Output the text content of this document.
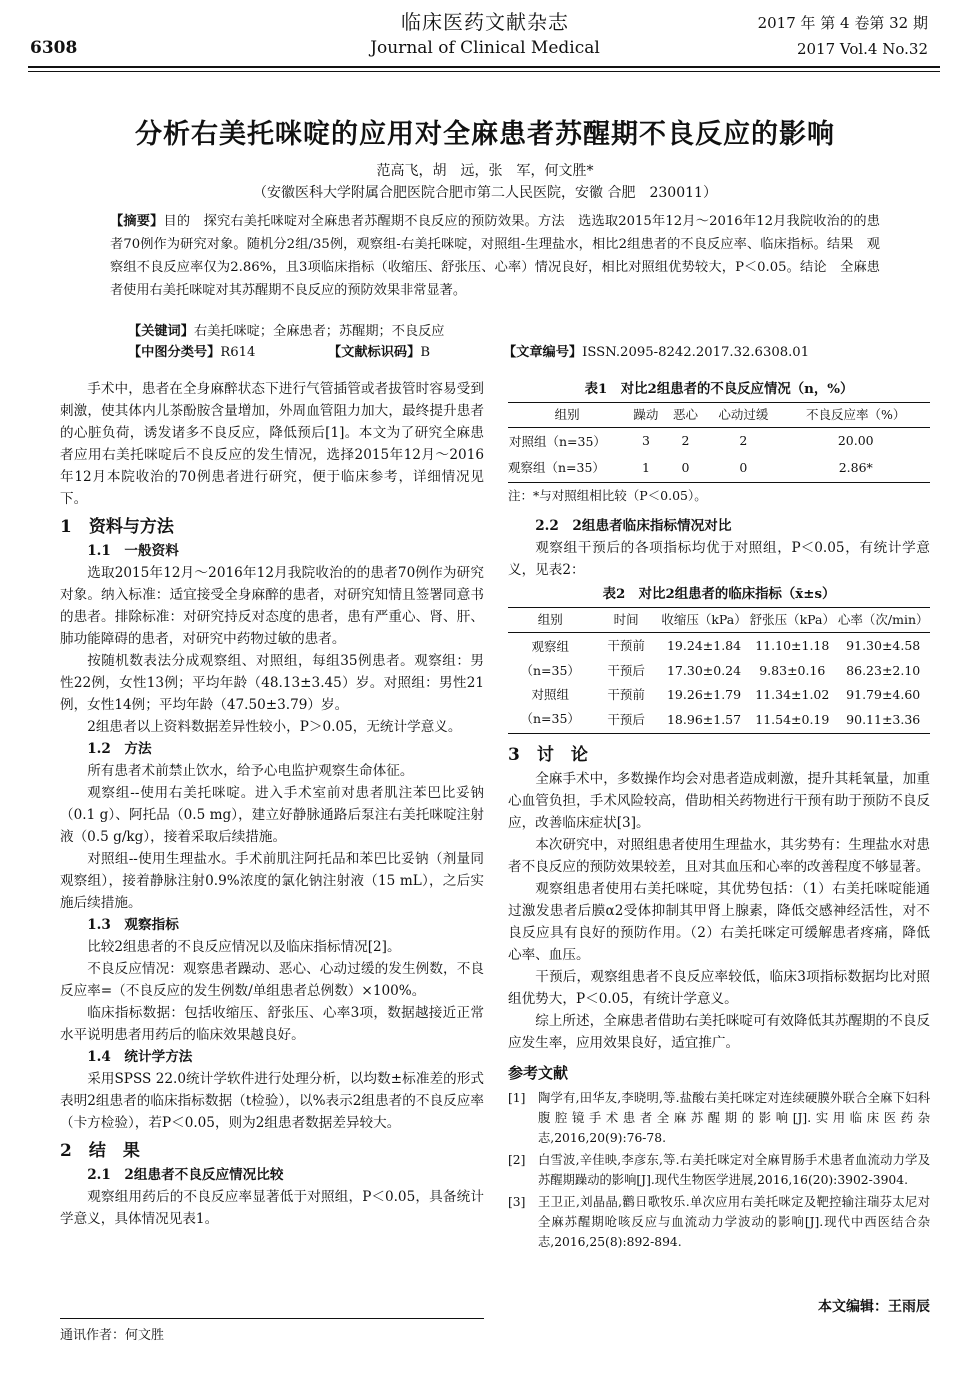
6308
临床医药文献杂志
Journal of Clinical Medical
2017 年 第 4 卷第 32 期
2017 Vol.4 No.32
分析右美托咪啶的应用对全麻患者苏醒期不良反应的影响
范高飞，胡　远，张　军，何文胜*
（安徽医科大学附属合肥医院合肥市第二人民医院，安徽 合肥　230011）
【摘要】目的　探究右美托咪啶对全麻患者苏醒期不良反应的预防效果。方法　选选取2015年12月～2016年12月我院收治的的患者70例作为研究对象。随机分2组/35例，观察组-右美托咪啶，对照组-生理盐水，相比2组患者的不良反应率、临床指标。结果　观察组不良反应率仅为2.86%，且3项临床指标（收缩压、舒张压、心率）情况良好，相比对照组优势较大，P＜0.05。结论　全麻患者使用右美托咪啶对其苏醒期不良反应的预防效果非常显著。
【关键词】右美托咪啶；全麻患者；苏醒期；不良反应
【中图分类号】R614	【文献标识码】B	【文章编号】ISSN.2095-8242.2017.32.6308.01

手术中，患者在全身麻醉状态下进行气管插管或者拔管时容易受到刺激，使其体内儿茶酚胺含量增加，外周血管阻力加大，最终提升患者的心脏负荷，诱发诸多不良反应，降低预后[1]。本文为了研究全麻患者应用右美托咪啶后不良反应的发生情况，选择2015年12月～2016年12月本院收治的70例患者进行研究，便于临床参考，详细情况见下。

1　资料与方法

1.1　一般资料

选取2015年12月～2016年12月我院收治的的患者70例作为研究对象。纳入标准：适宜接受全身麻醉的患者，对研究知情且签署同意书的患者。排除标准：对研究持反对态度的患者，患有严重心、肾、肝、肺功能障碍的患者，对研究中药物过敏的患者。

按随机数表法分成观察组、对照组，每组35例患者。观察组：男性22例，女性13例；平均年龄（48.13±3.45）岁。对照组：男性21例，女性14例；平均年龄（47.50±3.79）岁。

2组患者以上资料数据差异性较小，P＞0.05，无统计学意义。

1.2　方法

所有患者术前禁止饮水，给予心电监护观察生命体征。

观察组--使用右美托咪啶。进入手术室前对患者肌注苯巴比妥钠（0.1 g）、阿托品（0.5 mg），建立好静脉通路后泵注右美托咪啶注射液（0.5 g/kg），接着采取后续措施。

对照组--使用生理盐水。手术前肌注阿托品和苯巴比妥钠（剂量同观察组），接着静脉注射0.9%浓度的氯化钠注射液（15 mL），之后实施后续措施。

1.3　观察指标

比较2组患者的不良反应情况以及临床指标情况[2]。

不良反应情况：观察患者躁动、恶心、心动过缓的发生例数，不良反应率=（不良反应的发生例数/单组患者总例数）×100%。

临床指标数据：包括收缩压、舒张压、心率3项，数据越接近正常水平说明患者用药后的临床效果越良好。

1.4　统计学方法

采用SPSS 22.0统计学软件进行处理分析，以均数±标准差的形式表明2组患者的临床指标数据（t检验），以%表示2组患者的不良反应率（卡方检验），若P＜0.05，则为2组患者数据差异较大。

2　结　果

2.1　2组患者不良反应情况比较

观察组用药后的不良反应率显著低于对照组，P＜0.05，具备统计学意义，具体情况见表1。

表1　对比2组患者的不良反应情况（n，%）
组别	躁动	恶心	心动过缓	不良反应率（%）
对照组（n=35）	3	2	2	20.00
观察组（n=35）	1	0	0	2.86*
注：*与对照组相比较（P＜0.05）。

2.2　2组患者临床指标情况对比

观察组干预后的各项指标均优于对照组，P＜0.05，有统计学意义，见表2：

表2　对比2组患者的临床指标（x̄±s）
组别	时间	收缩压（kPa）	舒张压（kPa）	心率（次/min）
观察组	干预前	19.24±1.84	11.10±1.18	91.30±4.58
（n=35）	干预后	17.30±0.24	9.83±0.16	86.23±2.10
对照组	干预前	19.26±1.79	11.34±1.02	91.79±4.60
（n=35）	干预后	18.96±1.57	11.54±0.19	90.11±3.36

3　讨　论

全麻手术中，多数操作均会对患者造成刺激，提升其耗氧量，加重心血管负担，手术风险较高，借助相关药物进行干预有助于预防不良反应，改善临床症状[3]。

本次研究中，对照组患者使用生理盐水，其劣势有：生理盐水对患者不良反应的预防效果较差，且对其血压和心率的改善程度不够显著。

观察组患者使用右美托咪啶，其优势包括：（1）右美托咪啶能通过激发患者后膜α2受体抑制其甲肾上腺素，降低交感神经活性，对不良反应具有良好的预防作用。（2）右美托咪定可缓解患者疼痛，降低心率、血压。

干预后，观察组患者不良反应率较低，临床3项指标数据均比对照组优势大，P＜0.05，有统计学意义。

综上所述，全麻患者借助右美托咪啶可有效降低其苏醒期的不良反应发生率，应用效果良好，适宜推广。

参考文献

[1] 陶学有,田华友,李晓明,等.盐酸右美托咪定对连续硬膜外联合全麻下妇科腹腔镜手术患者全麻苏醒期的影响[J].实用临床医药杂志,2016,20(9):76-78.
[2] 白雪波,辛佳映,李彦东,等.右美托咪定对全麻胃肠手术患者血流动力学及苏醒期躁动的影响[J].现代生物医学进展,2016,16(20):3902-3904.
[3] 王卫正,刘晶晶,鹳日歌牧乐.单次应用右美托咪定及靶控输注瑞芬太尼对全麻苏醒期呛咳反应与血流动力学波动的影响[J].现代中西医结合杂志,2016,25(8):892-894.
本文编辑：王雨辰
通讯作者：何文胜
